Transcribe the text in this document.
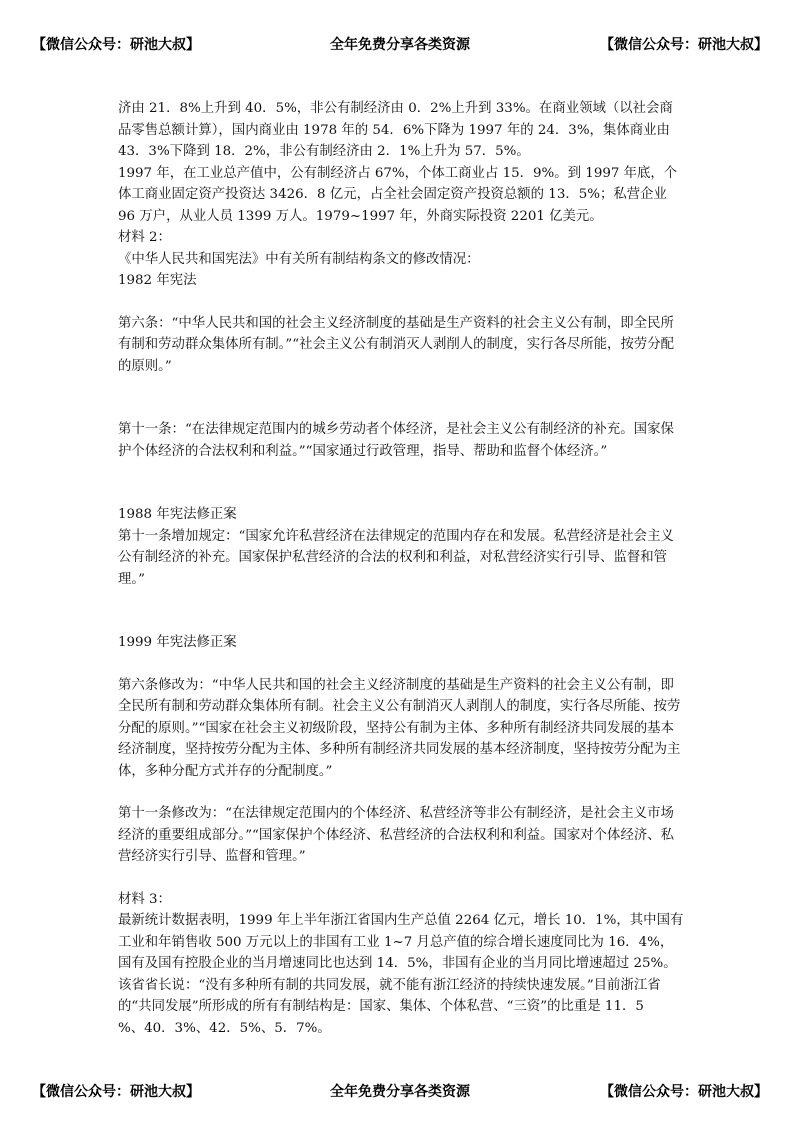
【微信公众号：研池大叔】	全年免费分享各类资源	【微信公众号：研池大叔】

济由 21．8%上升到 40．5%，非公有制经济由 0．2%上升到 33%。在商业领域（以社会商品零售总额计算），国内商业由 1978 年的 54．6%下降为 1997 年的 24．3%，集体商业由 43．3%下降到 18．2%，非公有制经济由 2．1%上升为 57．5%。

1997 年，在工业总产值中，公有制经济占 67%，个体工商业占 15．9%。到 1997 年底，个体工商业固定资产投资达 3426．8 亿元，占全社会固定资产投资总额的 13．5%；私营企业 96 万户，从业人员 1399 万人。1979~1997 年，外商实际投资 2201 亿美元。

材料 2：

《中华人民共和国宪法》中有关所有制结构条文的修改情况：

1982 年宪法

第六条：“中华人民共和国的社会主义经济制度的基础是生产资料的社会主义公有制，即全民所有制和劳动群众集体所有制。”“社会主义公有制消灭人剥削人的制度，实行各尽所能，按劳分配的原则。”

第十一条：“在法律规定范围内的城乡劳动者个体经济，是社会主义公有制经济的补充。国家保护个体经济的合法权利和利益。”“国家通过行政管理，指导、帮助和监督个体经济。”

1988 年宪法修正案

第十一条增加规定：“国家允许私营经济在法律规定的范围内存在和发展。私营经济是社会主义公有制经济的补充。国家保护私营经济的合法的权利和利益，对私营经济实行引导、监督和管理。”

1999 年宪法修正案

第六条修改为：“中华人民共和国的社会主义经济制度的基础是生产资料的社会主义公有制，即全民所有制和劳动群众集体所有制。社会主义公有制消灭人剥削人的制度，实行各尽所能、按劳分配的原则。”“国家在社会主义初级阶段，坚持公有制为主体、多种所有制经济共同发展的基本经济制度，坚持按劳分配为主体、多种所有制经济共同发展的基本经济制度，坚持按劳分配为主体，多种分配方式并存的分配制度。”

第十一条修改为：“在法律规定范围内的个体经济、私营经济等非公有制经济，是社会主义市场经济的重要组成部分。”“国家保护个体经济、私营经济的合法权利和利益。国家对个体经济、私营经济实行引导、监督和管理。”

材料 3：

最新统计数据表明，1999 年上半年浙江省国内生产总值 2264 亿元，增长 10．1%，其中国有工业和年销售收 500 万元以上的非国有工业 1~7 月总产值的综合增长速度同比为 16．4%，国有及国有控股企业的当月增速同比也达到 14．5%，非国有企业的当月同比增速超过 25%。该省省长说：“没有多种所有制的共同发展，就不能有浙江经济的持续快速发展。”目前浙江省的“共同发展”所形成的所有有制结构是：国家、集体、个体私营、“三资”的比重是 11．5

%、40．3%、42．5%、5．7%。

【微信公众号：研池大叔】	全年免费分享各类资源	【微信公众号：研池大叔】
